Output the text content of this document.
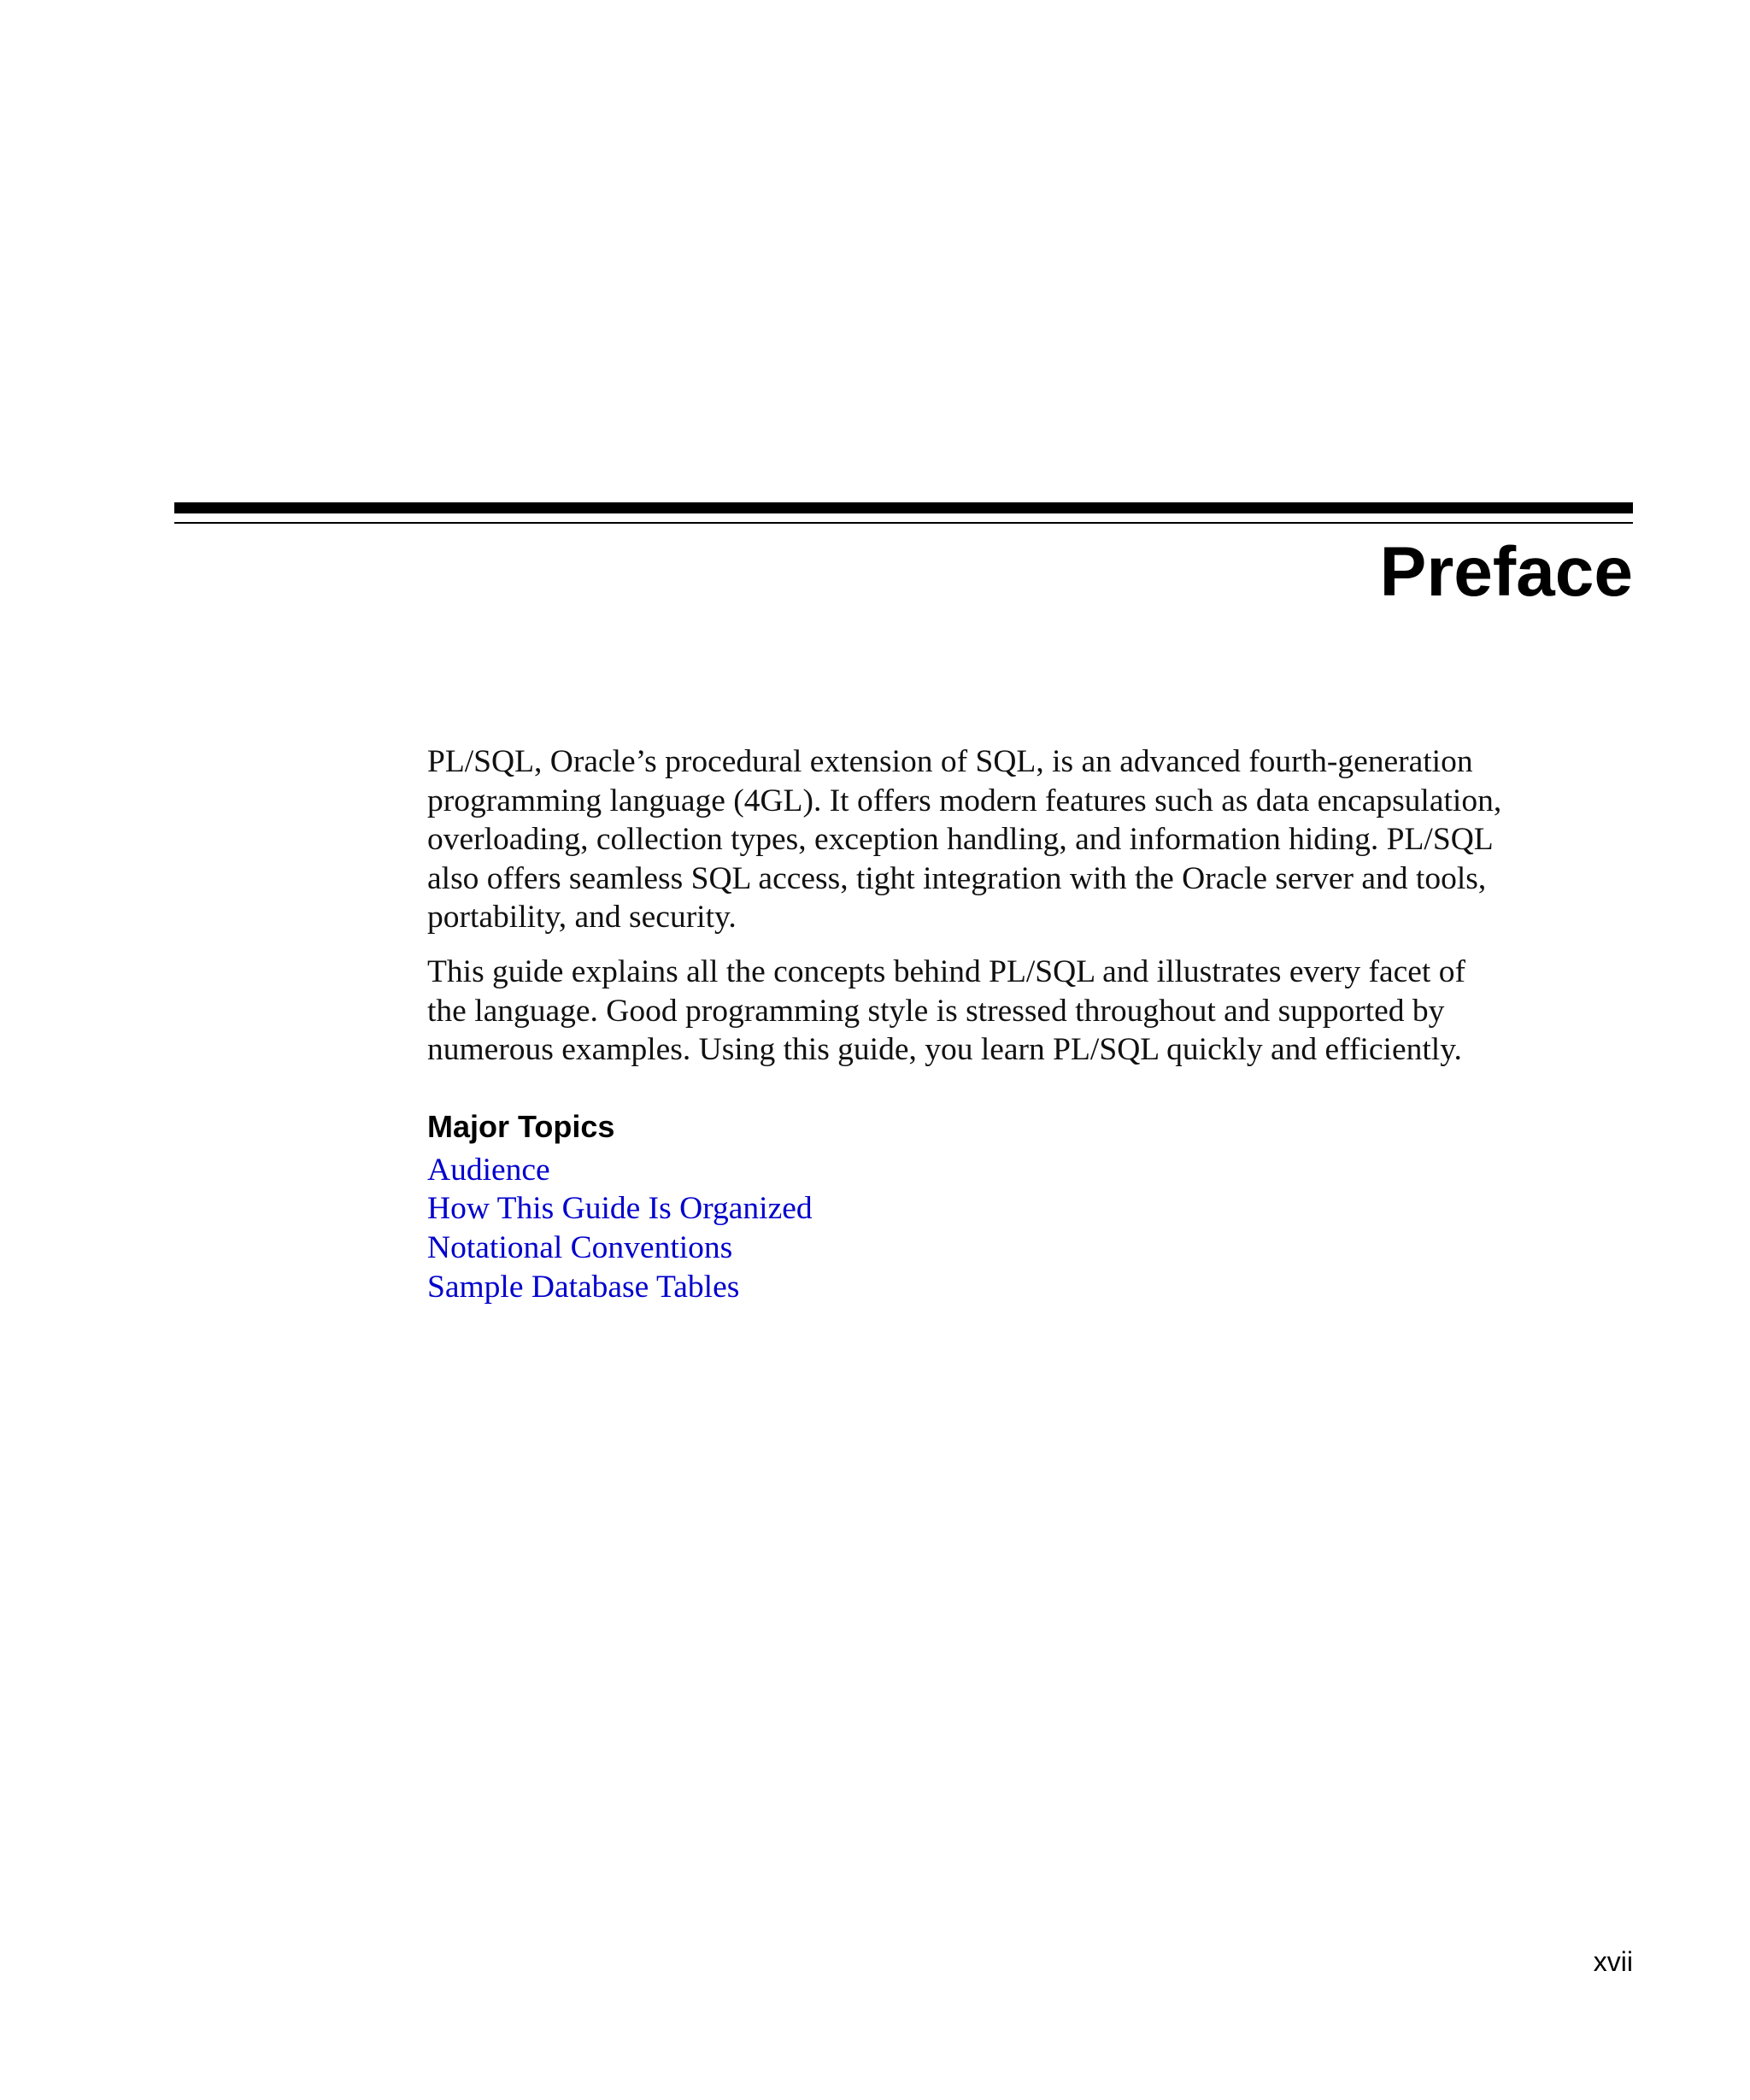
Preface

PL/SQL, Oracle’s procedural extension of SQL, is an advanced fourth-generation
programming language (4GL). It offers modern features such as data encapsulation,
overloading, collection types, exception handling, and information hiding. PL/SQL
also offers seamless SQL access, tight integration with the Oracle server and tools,
portability, and security.

This guide explains all the concepts behind PL/SQL and illustrates every facet of
the language. Good programming style is stressed throughout and supported by
numerous examples. Using this guide, you learn PL/SQL quickly and efficiently.

Major Topics
Audience
How This Guide Is Organized
Notational Conventions
Sample Database Tables
xvii
